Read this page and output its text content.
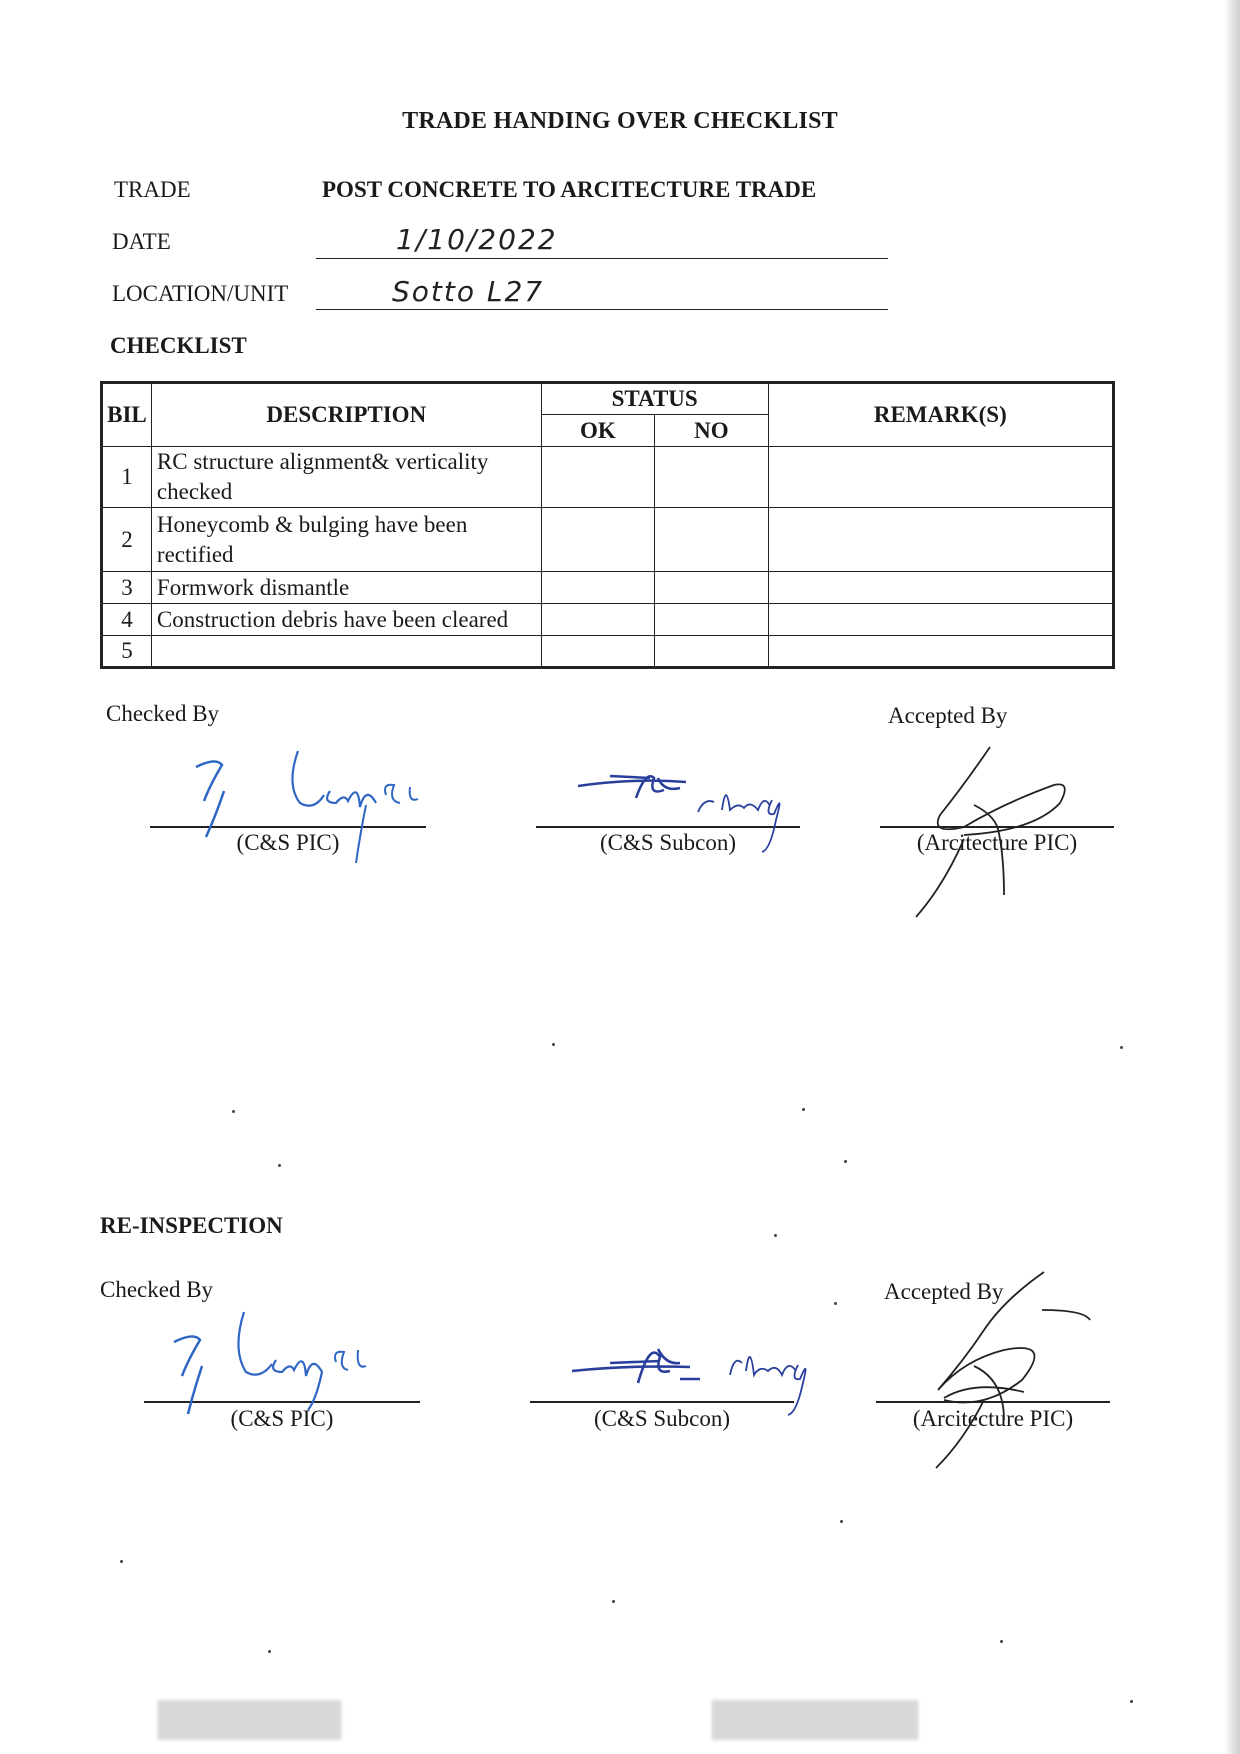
TRADE HANDING OVER CHECKLIST
TRADE	POST CONCRETE TO ARCITECTURE TRADE
DATE	1/10/2022
LOCATION/UNIT	Sotto L27
CHECKLIST
BIL	DESCRIPTION	STATUS		REMARK(S)
		OK	NO	
1	RC structure alignment& verticality checked			
2	Honeycomb & bulging have been rectified			
3	Formwork dismantle			
4	Construction debris have been cleared			
5				
Checked By	Accepted By
(C&S PIC)	(C&S Subcon)	(Arcitecture PIC)
RE-INSPECTION
Checked By	Accepted By
(C&S PIC)	(C&S Subcon)	(Arcitecture PIC)
